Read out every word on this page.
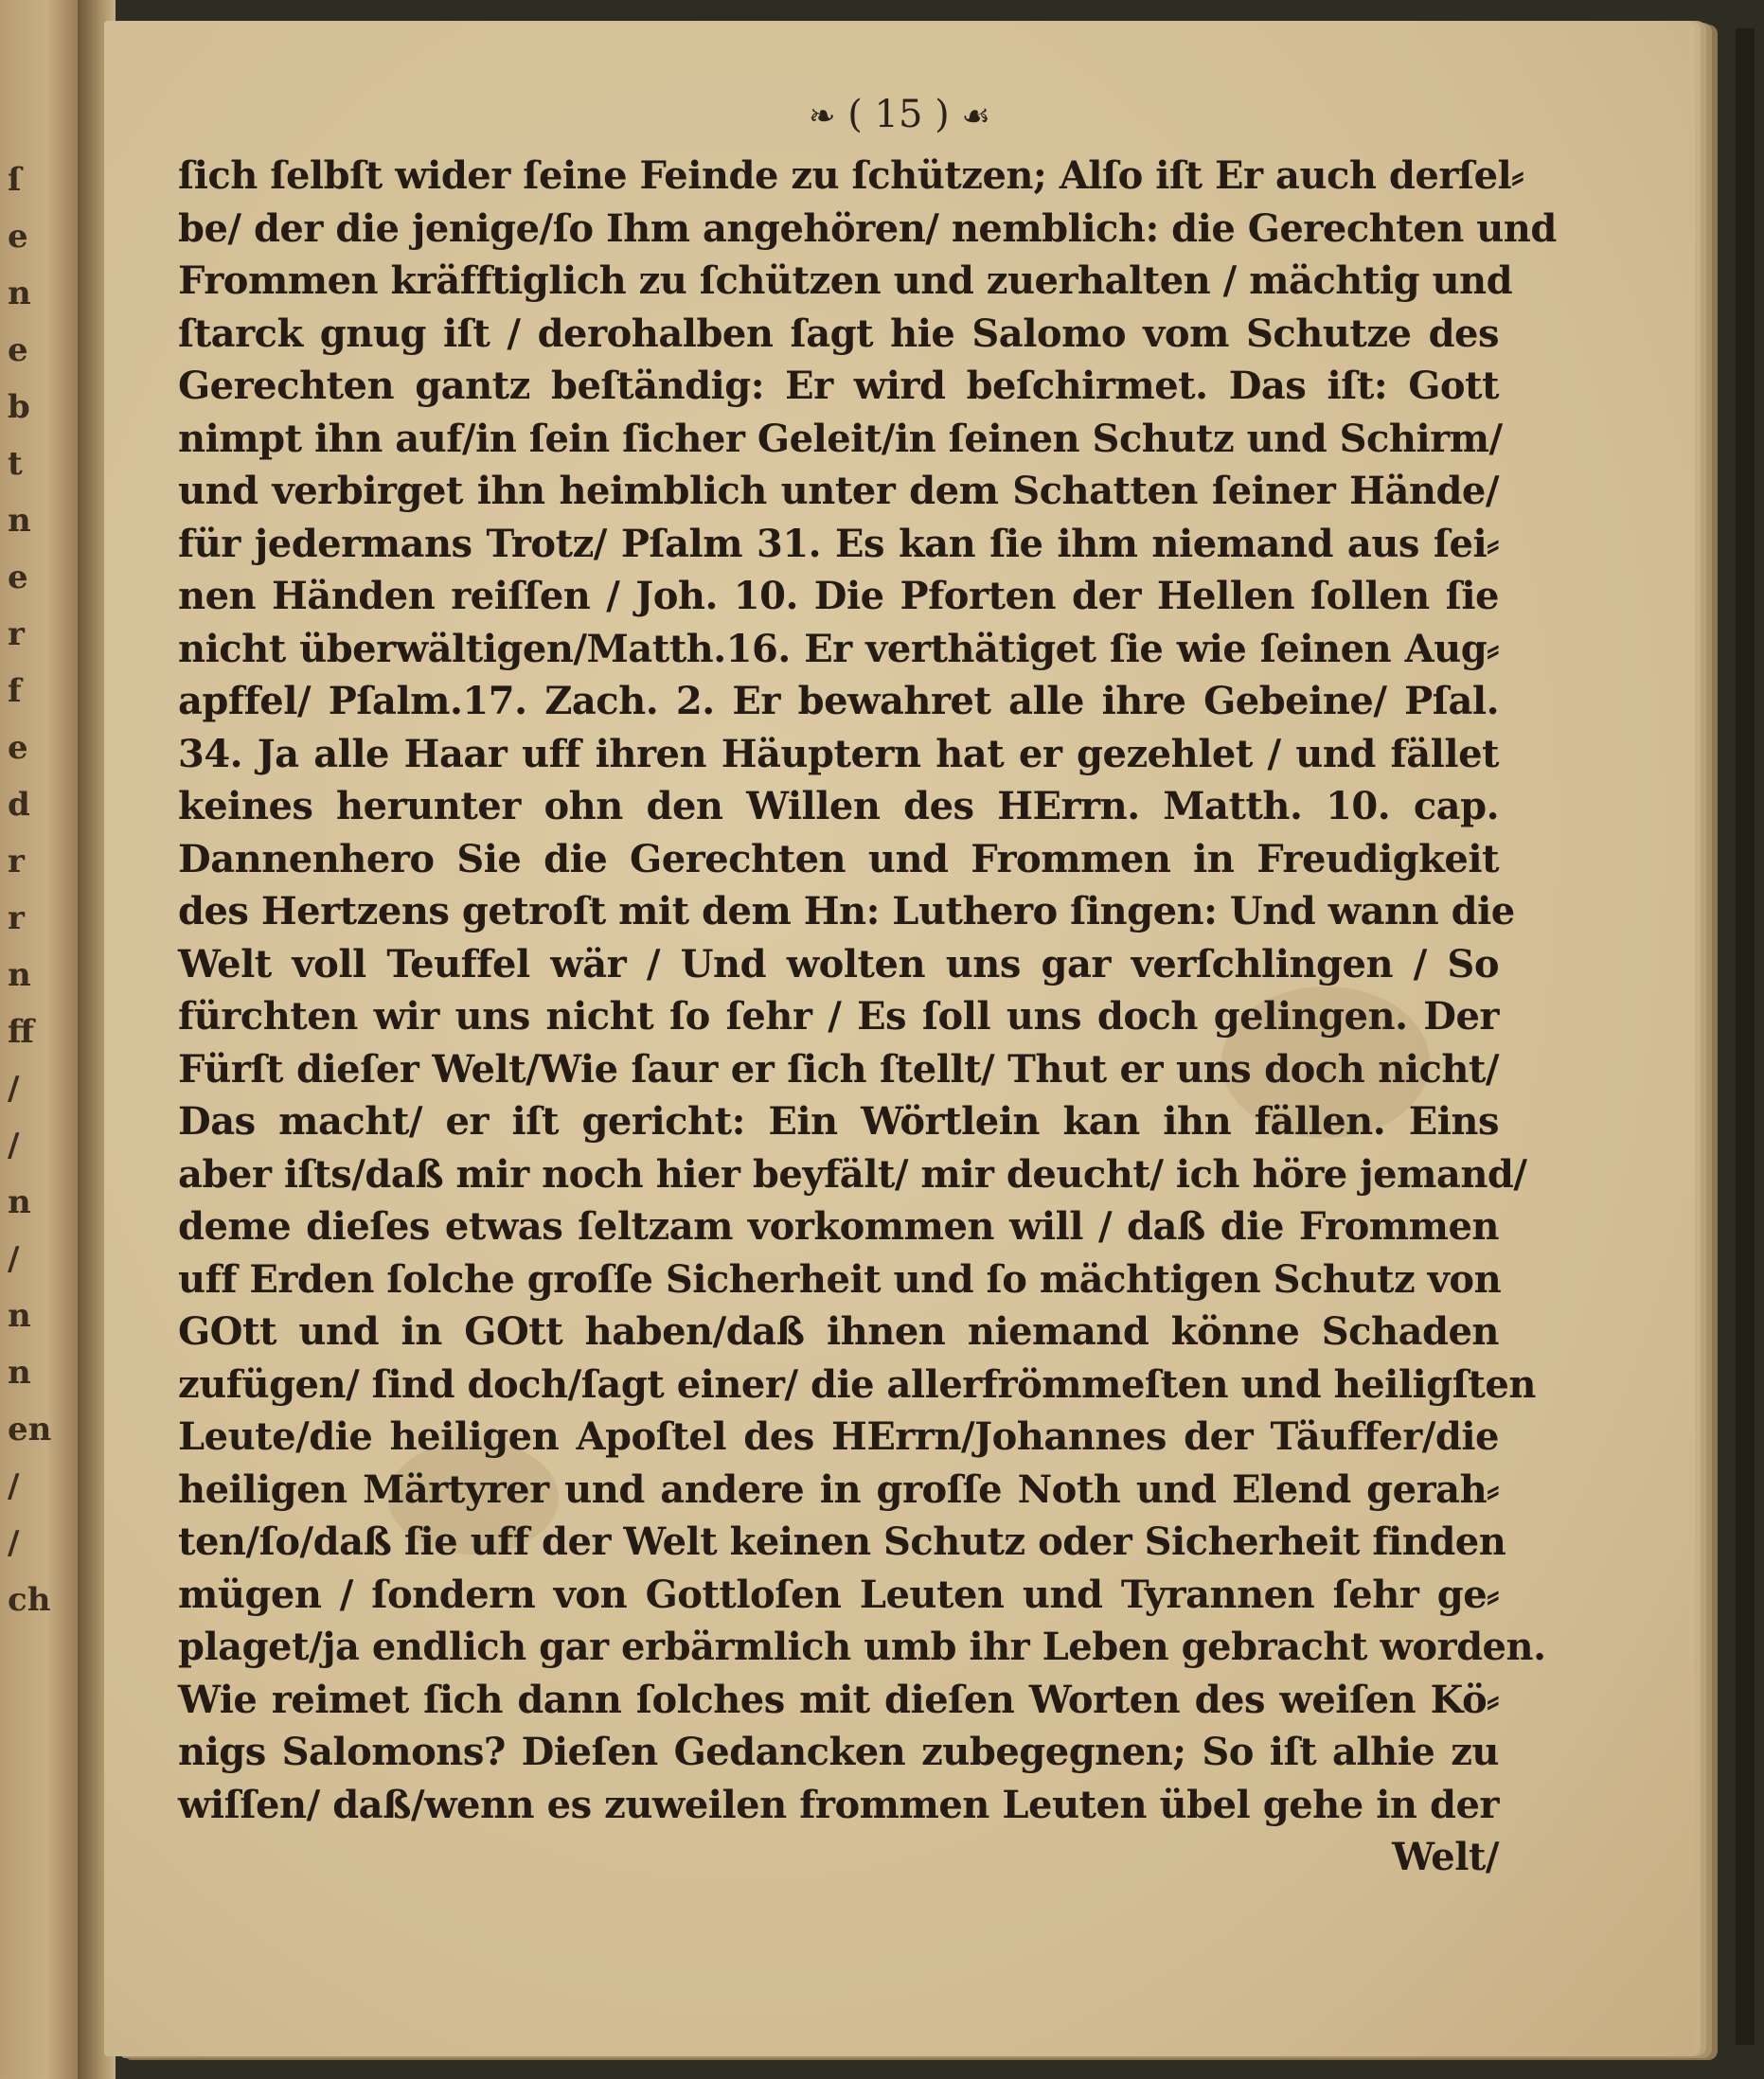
ſ
e
n
e
b
t
n
e
r
f
e
d
r
r
n
ff
/
/
n
/
n
n
en
/
/
ch
❧ ( 15 ) ☙
ſich ſelbſt wider ſeine Feinde zu ſchützen; Alſo iſt Er auch derſel⸗
be/ der die jenige/ſo Ihm angehören/ nemblich: die Gerechten und
Frommen kräfftiglich zu ſchützen und zuerhalten / mächtig und
ſtarck gnug iſt / derohalben ſagt hie Salomo vom Schutze des
Gerechten gantz beſtändig: Er wird beſchirmet. Das iſt: Gott
nimpt ihn auf/in ſein ſicher Geleit/in ſeinen Schutz und Schirm/
und verbirget ihn heimblich unter dem Schatten ſeiner Hände/
für jedermans Trotz/ Pſalm 31. Es kan ſie ihm niemand aus ſei⸗
nen Händen reiſſen / Joh. 10. Die Pforten der Hellen ſollen ſie
nicht überwältigen/Matth.16. Er verthätiget ſie wie ſeinen Aug⸗
apffel/ Pſalm.17. Zach. 2. Er bewahret alle ihre Gebeine/ Pſal.
34. Ja alle Haar uff ihren Häuptern hat er gezehlet / und fället
keines herunter ohn den Willen des HErrn. Matth. 10. cap.
Dannenhero Sie die Gerechten und Frommen in Freudigkeit
des Hertzens getroſt mit dem Hn: Luthero ſingen: Und wann die
Welt voll Teuffel wär / Und wolten uns gar verſchlingen / So
fürchten wir uns nicht ſo ſehr / Es ſoll uns doch gelingen. Der
Fürſt dieſer Welt/Wie ſaur er ſich ſtellt/ Thut er uns doch nicht/
Das macht/ er iſt gericht: Ein Wörtlein kan ihn fällen. Eins
aber iſts/daß mir noch hier beyfält/ mir deucht/ ich höre jemand/
deme dieſes etwas ſeltzam vorkommen will / daß die Frommen
uff Erden ſolche groſſe Sicherheit und ſo mächtigen Schutz von
GOtt und in GOtt haben/daß ihnen niemand könne Schaden
zufügen/ ſind doch/ſagt einer/ die allerfrömmeſten und heiligſten
Leute/die heiligen Apoſtel des HErrn/Johannes der Täuffer/die
heiligen Märtyrer und andere in groſſe Noth und Elend gerah⸗
ten/ſo/daß ſie uff der Welt keinen Schutz oder Sicherheit finden
mügen / ſondern von Gottloſen Leuten und Tyrannen ſehr ge⸗
plaget/ja endlich gar erbärmlich umb ihr Leben gebracht worden.
Wie reimet ſich dann ſolches mit dieſen Worten des weiſen Kö⸗
nigs Salomons? Dieſen Gedancken zubegegnen; So iſt alhie zu
wiſſen/ daß/wenn es zuweilen frommen Leuten übel gehe in der
Welt/
